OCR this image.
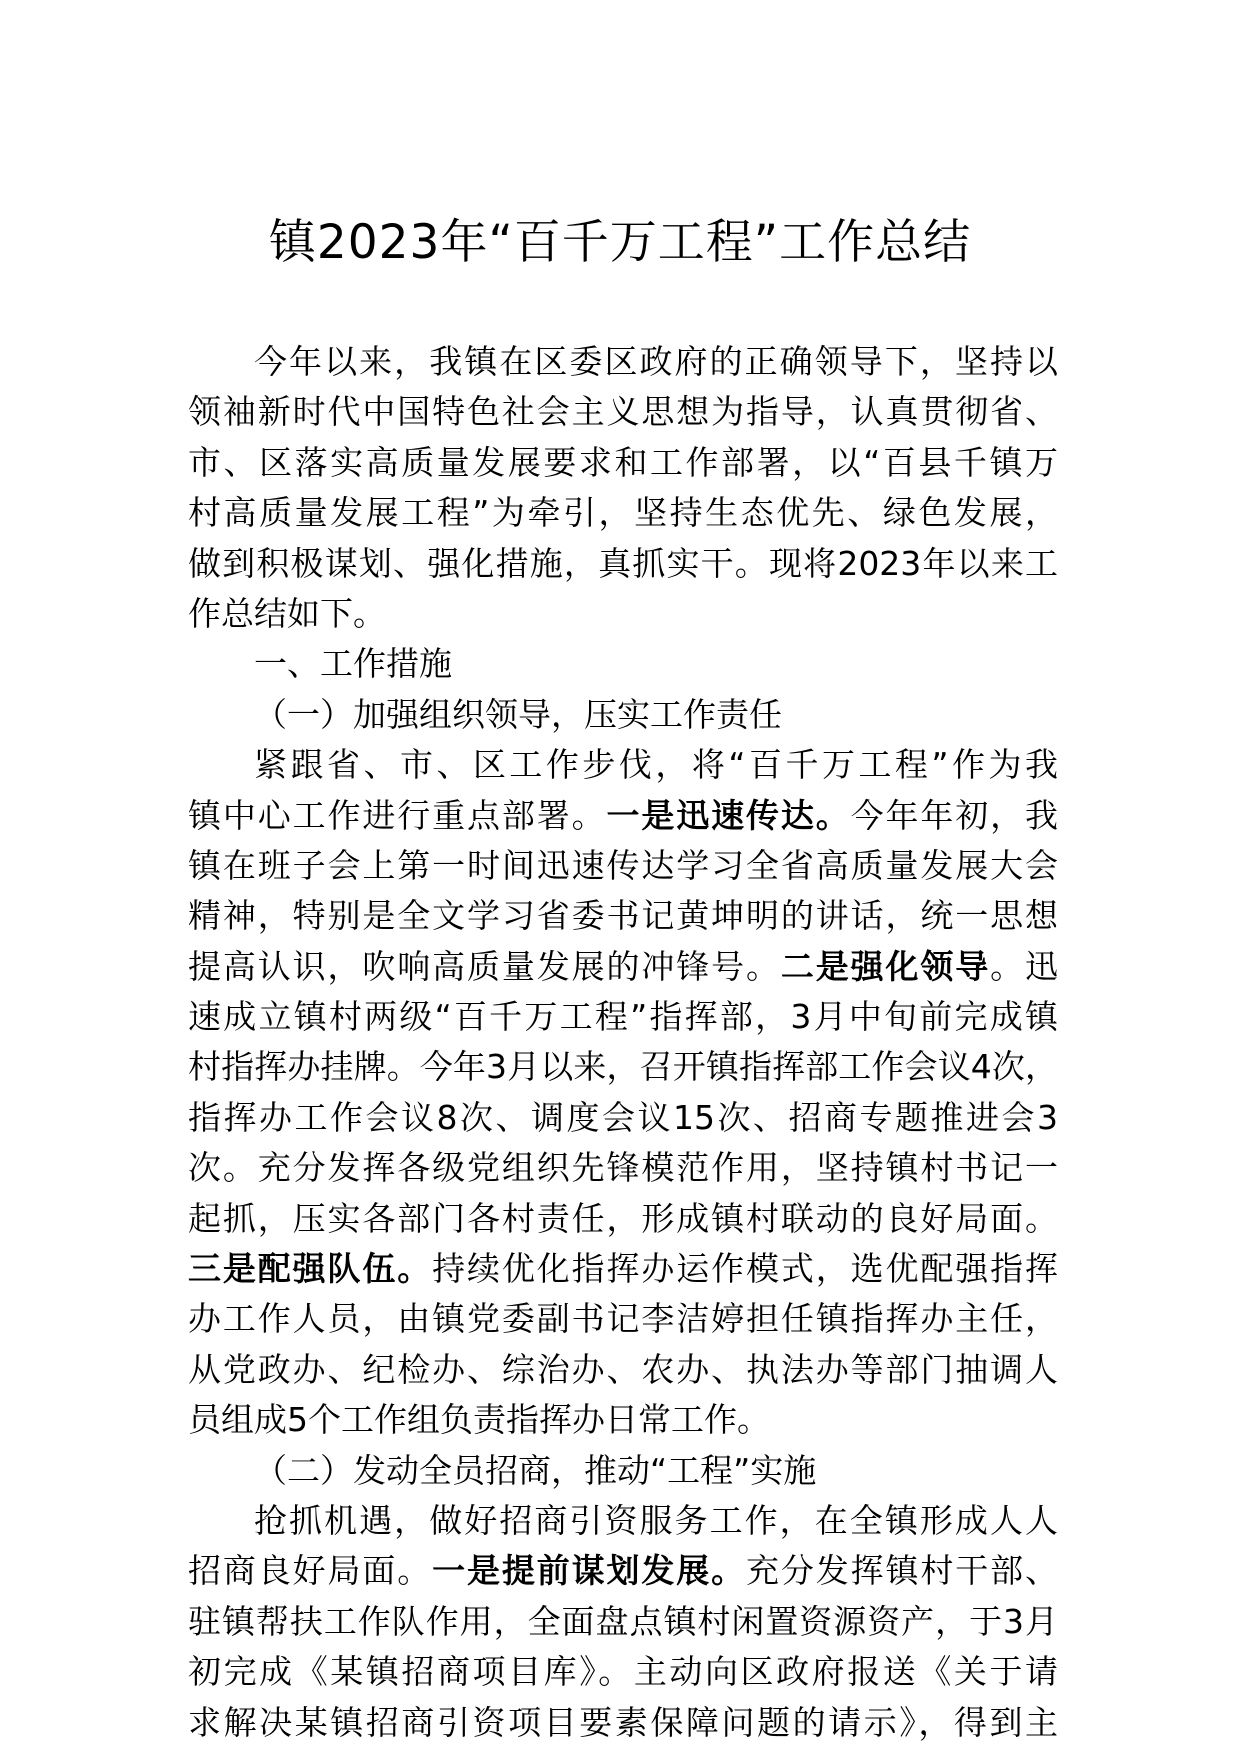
镇2023年“百千万工程”工作总结
今年以来，我镇在区委区政府的正确领导下，坚持以
领袖新时代中国特色社会主义思想为指导，认真贯彻省、
市、区落实高质量发展要求和工作部署，以“百县千镇万
村高质量发展工程”为牵引，坚持生态优先、绿色发展，
做到积极谋划、强化措施，真抓实干。现将2023年以来工
作总结如下。
一、工作措施
（一）加强组织领导，压实工作责任
紧跟省、市、区工作步伐，将“百千万工程”作为我
镇中心工作进行重点部署。一是迅速传达。今年年初，我
镇在班子会上第一时间迅速传达学习全省高质量发展大会
精神，特别是全文学习省委书记黄坤明的讲话，统一思想
提高认识，吹响高质量发展的冲锋号。二是强化领导。迅
速成立镇村两级“百千万工程”指挥部，3月中旬前完成镇
村指挥办挂牌。今年3月以来，召开镇指挥部工作会议4次，
指挥办工作会议8次、调度会议15次、招商专题推进会3
次。充分发挥各级党组织先锋模范作用，坚持镇村书记一
起抓，压实各部门各村责任，形成镇村联动的良好局面。
三是配强队伍。持续优化指挥办运作模式，选优配强指挥
办工作人员，由镇党委副书记李洁婷担任镇指挥办主任，
从党政办、纪检办、综治办、农办、执法办等部门抽调人
员组成5个工作组负责指挥办日常工作。
（二）发动全员招商，推动“工程”实施
抢抓机遇，做好招商引资服务工作，在全镇形成人人
招商良好局面。一是提前谋划发展。充分发挥镇村干部、
驻镇帮扶工作队作用，全面盘点镇村闲置资源资产，于3月
初完成《某镇招商项目库》。主动向区政府报送《关于请
求解决某镇招商引资项目要素保障问题的请示》，得到主
